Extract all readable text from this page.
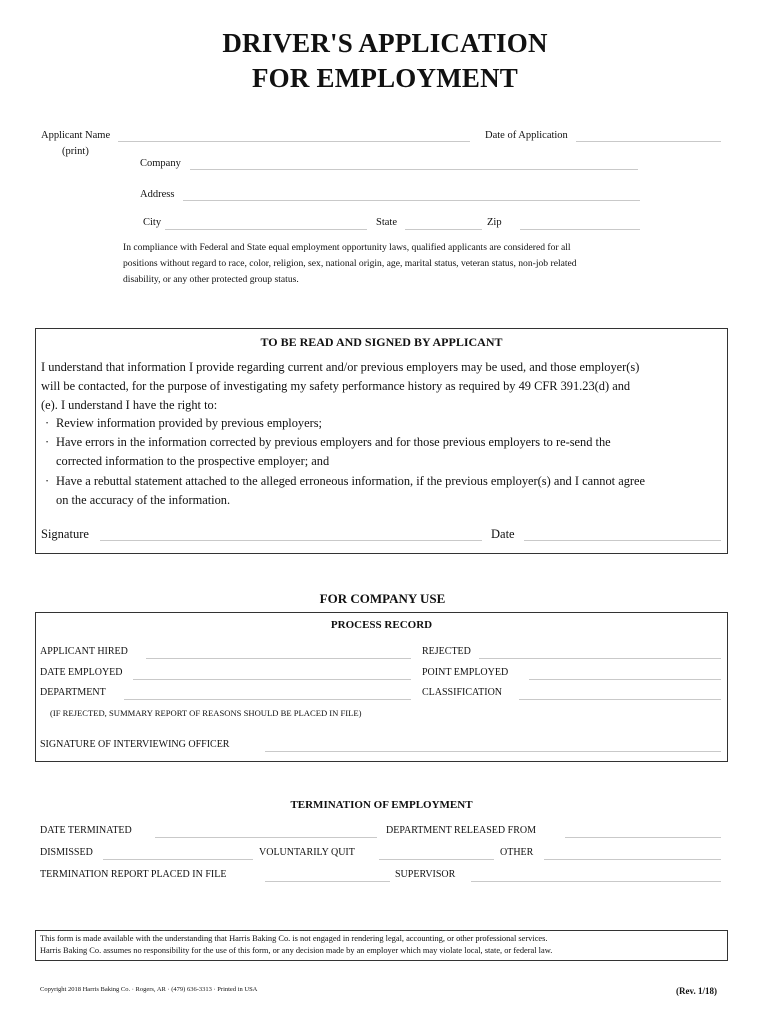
DRIVER'S APPLICATION
FOR EMPLOYMENT
Applicant Name
(print)
Date of Application
Company
Address
City	State	Zip
In compliance with Federal and State equal employment opportunity laws, qualified applicants are considered for all
positions without regard to race, color, religion, sex, national origin, age, marital status, veteran status, non-job related
disability, or any other protected group status.
TO BE READ AND SIGNED BY APPLICANT
I understand that information I provide regarding current and/or previous employers may be used, and those employer(s)
will be contacted, for the purpose of investigating my safety performance history as required by 49 CFR 391.23(d) and
(e). I understand I have the right to:
· Review information provided by previous employers;
· Have errors in the information corrected by previous employers and for those previous employers to re-send the
corrected information to the prospective employer; and
· Have a rebuttal statement attached to the alleged erroneous information, if the previous employer(s) and I cannot agree
on the accuracy of the information.
Signature	Date
FOR COMPANY USE
PROCESS RECORD
APPLICANT HIRED	REJECTED
DATE EMPLOYED	POINT EMPLOYED
DEPARTMENT	CLASSIFICATION
(IF REJECTED, SUMMARY REPORT OF REASONS SHOULD BE PLACED IN FILE)
SIGNATURE OF INTERVIEWING OFFICER
TERMINATION OF EMPLOYMENT
DATE TERMINATED	DEPARTMENT RELEASED FROM
DISMISSED	VOLUNTARILY QUIT	OTHER
TERMINATION REPORT PLACED IN FILE	SUPERVISOR
This form is made available with the understanding that Harris Baking Co. is not engaged in rendering legal, accounting, or other professional services.
Harris Baking Co. assumes no responsibility for the use of this form, or any decision made by an employer which may violate local, state, or federal law.
Copyright 2018 Harris Baking Co. · Rogers, AR · (479) 636-3313 · Printed in USA	(Rev. 1/18)
